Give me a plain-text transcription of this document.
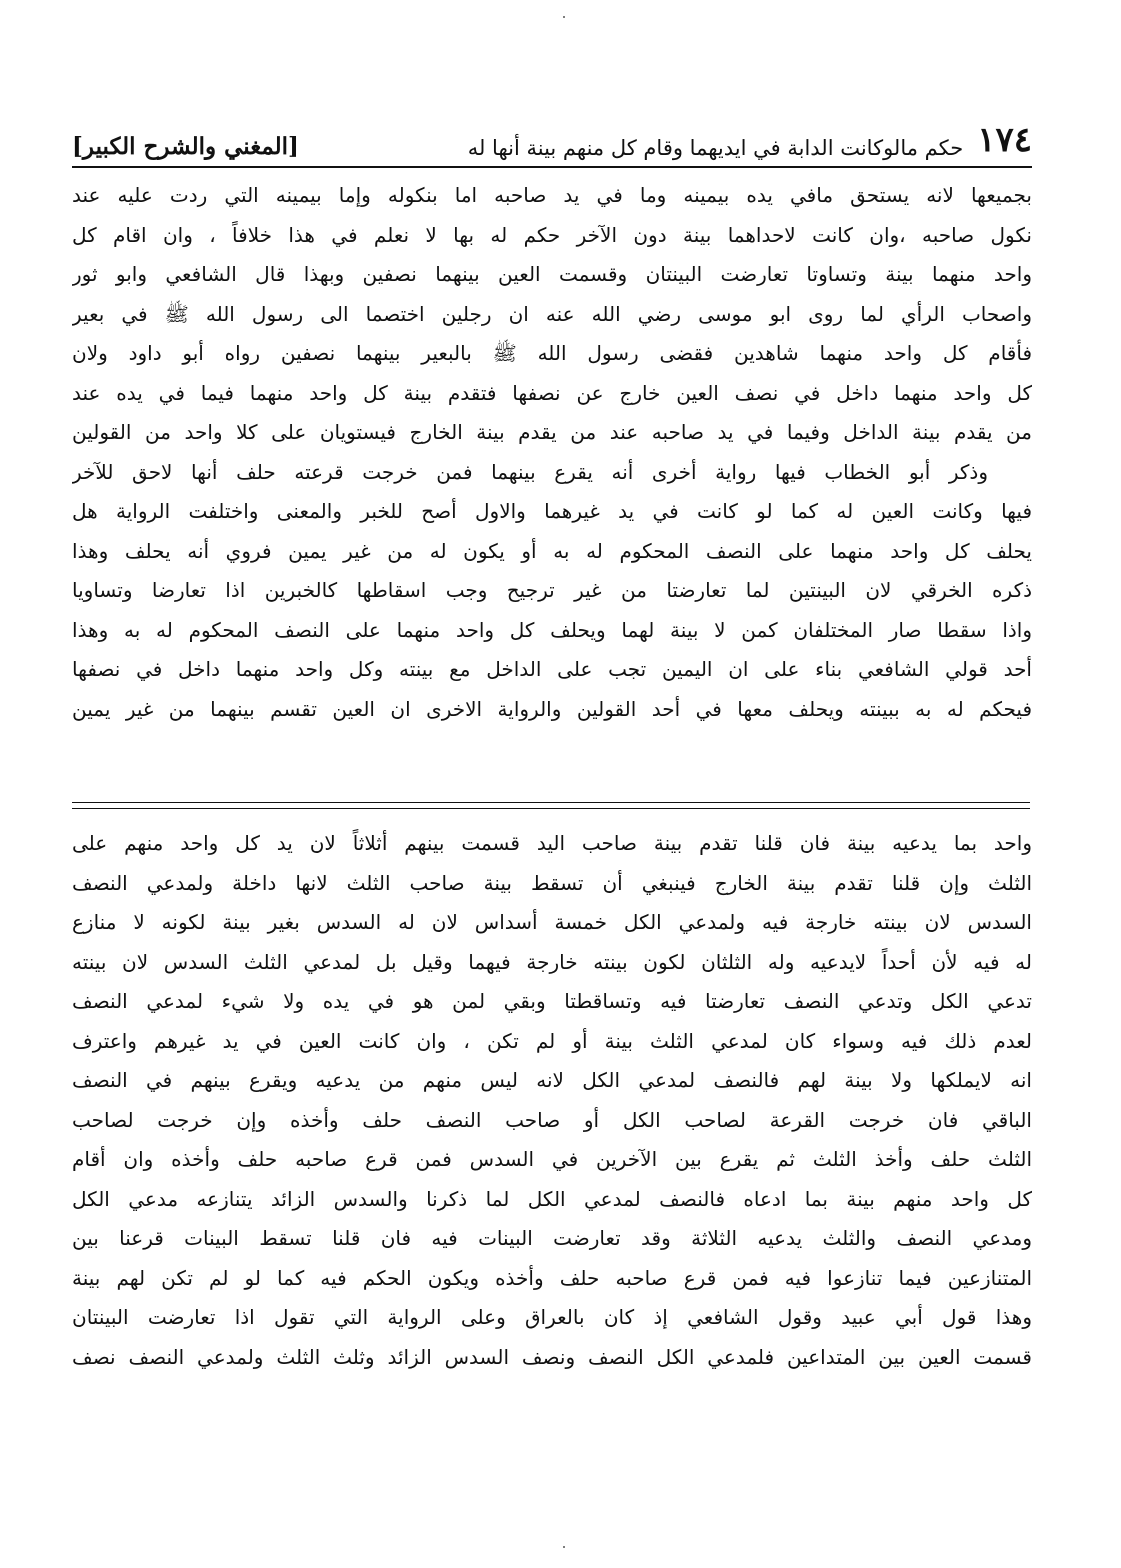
١٧٤
حكم مالوكانت الدابة في ايديهما وقام كل منهم بينة أنها له
[المغني والشرح الكبير]
بجميعها لانه يستحق مافي يده بيمينه وما في يد صاحبه اما بنكوله وإما بيمينه التي ردت عليه عند
نكول صاحبه ،وان كانت لاحداهما بينة دون الآخر حكم له بها لا نعلم في هذا خلافاً ، وان اقام كل
واحد منهما بينة وتساوتا تعارضت البينتان وقسمت العين بينهما نصفين وبهذا قال الشافعي وابو ثور
واصحاب الرأي لما روى ابو موسى رضي الله عنه ان رجلين اختصما الى رسول الله ﷺ في بعير
فأقام كل واحد منهما شاهدين فقضى رسول الله ﷺ بالبعير بينهما نصفين رواه أبو داود ولان
كل واحد منهما داخل في نصف العين خارج عن نصفها فتقدم بينة كل واحد منهما فيما في يده عند
من يقدم بينة الداخل وفيما في يد صاحبه عند من يقدم بينة الخارج فيستويان على كلا واحد من القولين
وذكر أبو الخطاب فيها رواية أخرى أنه يقرع بينهما فمن خرجت قرعته حلف أنها لاحق للآخر
فيها وكانت العين له كما لو كانت في يد غيرهما والاول أصح للخبر والمعنى واختلفت الرواية هل
يحلف كل واحد منهما على النصف المحكوم له به أو يكون له من غير يمين فروي أنه يحلف وهذا
ذكره الخرقي لان البينتين لما تعارضتا من غير ترجيح وجب اسقاطها كالخبرين اذا تعارضا وتساويا
واذا سقطا صار المختلفان كمن لا بينة لهما ويحلف كل واحد منهما على النصف المحكوم له به وهذا
أحد قولي الشافعي بناء على ان اليمين تجب على الداخل مع بينته وكل واحد منهما داخل في نصفها
فيحكم له به ببينته ويحلف معها في أحد القولين والرواية الاخرى ان العين تقسم بينهما من غير يمين
واحد بما يدعيه بينة فان قلنا تقدم بينة صاحب اليد قسمت بينهم أثلاثاً لان يد كل واحد منهم على
الثلث وإن قلنا تقدم بينة الخارج فينبغي أن تسقط بينة صاحب الثلث لانها داخلة ولمدعي النصف
السدس لان بينته خارجة فيه ولمدعي الكل خمسة أسداس لان له السدس بغير بينة لكونه لا منازع
له فيه لأن أحداً لايدعيه وله الثلثان لكون بينته خارجة فيهما وقيل بل لمدعي الثلث السدس لان بينته
تدعي الكل وتدعي النصف تعارضتا فيه وتساقطتا وبقي لمن هو في يده ولا شيء لمدعي النصف
لعدم ذلك فيه وسواء كان لمدعي الثلث بينة أو لم تكن ، وان كانت العين في يد غيرهم واعترف
انه لايملكها ولا بينة لهم فالنصف لمدعي الكل لانه ليس منهم من يدعيه ويقرع بينهم في النصف
الباقي فان خرجت القرعة لصاحب الكل أو صاحب النصف حلف وأخذه وإن خرجت لصاحب
الثلث حلف وأخذ الثلث ثم يقرع بين الآخرين في السدس فمن قرع صاحبه حلف وأخذه وان أقام
كل واحد منهم بينة بما ادعاه فالنصف لمدعي الكل لما ذكرنا والسدس الزائد يتنازعه مدعي الكل
ومدعي النصف والثلث يدعيه الثلاثة وقد تعارضت البينات فيه فان قلنا تسقط البينات قرعنا بين
المتنازعين فيما تنازعوا فيه فمن قرع صاحبه حلف وأخذه ويكون الحكم فيه كما لو لم تكن لهم بينة
وهذا قول أبي عبيد وقول الشافعي إذ كان بالعراق وعلى الرواية التي تقول اذا تعارضت البينتان
قسمت العين بين المتداعين فلمدعي الكل النصف ونصف السدس الزائد وثلث الثلث ولمدعي النصف نصف
